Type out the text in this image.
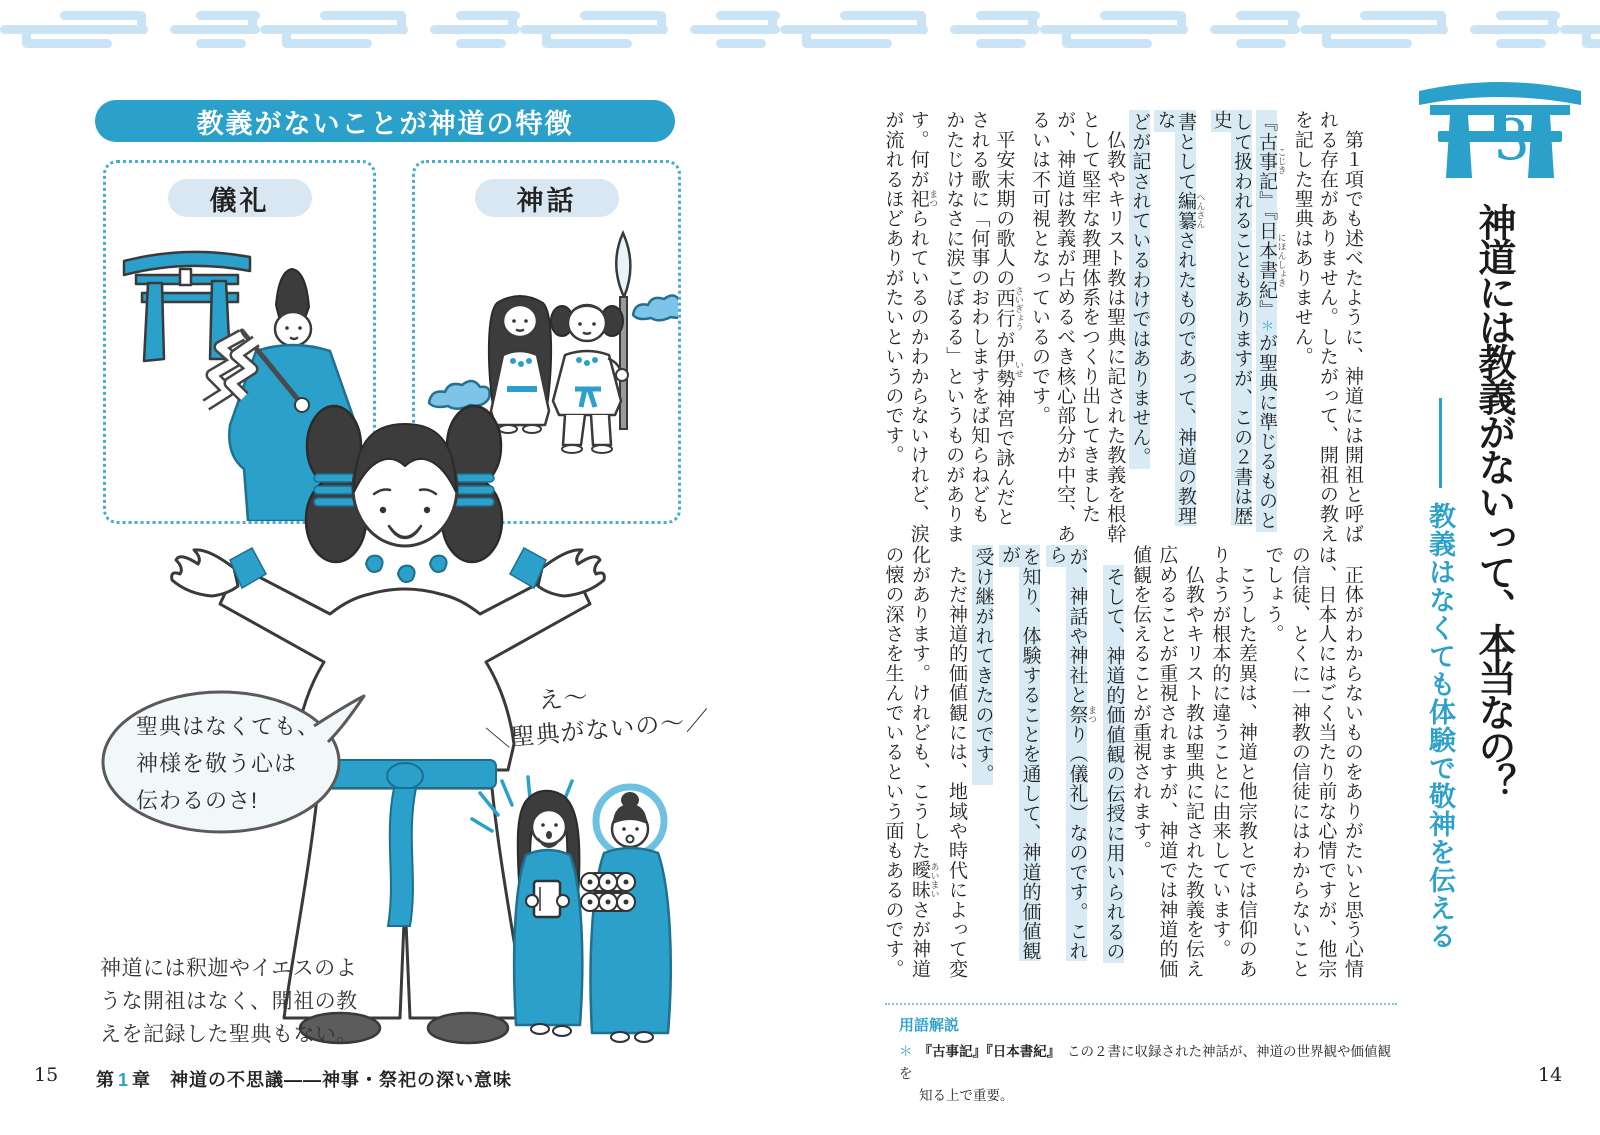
教義がないことが神道の特徴
儀礼	神話
聖典はなくても、
神様を敬う心は
伝わるのさ!
え〜
＼聖典がないの〜／
神道には釈迦やイエスのよ
うな開祖はなく、開祖の教
えを記録した聖典もない。
3
神道には教義がないって、本当なの？
教義はなくても体験で敬神を伝える
　第１項でも述べたように、神道には開祖と呼ば
れる存在がありません。したがって、開祖の教え
を記した聖典はありません。
『古事記 こじき』『日本書紀 にほんしょき』＊が聖典に準じるものと
して扱われることもありますが、この２書は歴史
書として編纂 へんさんされたものであって、神道の教理な
どが記されているわけではありません。
　仏教やキリスト教は聖典に記された教義を根幹
として堅牢な教理体系をつくり出してきました
が、神道は教義が占めるべき核心部分が中空、あ
るいは不可視となっているのです。
　平安末期の歌人の西行 さいぎょうが伊勢 いせ神宮で詠んだと
される歌に「何事のおわしますをば知らねども
かたじけなさに涙こぼるる」というものがありま
す。何が祀 まつられているのかわからないけれど、涙
が流れるほどありがたいというのです。
　正体がわからないものをありがたいと思う心情
は、日本人にはごく当たり前な心情ですが、他宗
の信徒、とくに一神教の信徒にはわからないこと
でしょう。
　こうした差異は、神道と他宗教とでは信仰のあ
りようが根本的に違うことに由来しています。
　仏教やキリスト教は聖典に記された教義を伝え
広めることが重視されますが、神道では神道的価
値観を伝えることが重視されます。
　そして、神道的価値観の伝授に用いられるの
が、神話や神社と祭 まつり（儀礼）なのです。これら
を知り、体験することを通して、神道的価値観が
受け継がれてきたのです。
　ただ神道的価値観には、地域や時代によって変
化があります。けれども、こうした曖昧 あいまいさが神道
の懐の深さを生んでいるという面もあるのです。
用語解説
＊ 『古事記』『日本書紀』　この２書に収録された神話が、神道の世界観や価値観を
知る上で重要。
15 第 1 章　神道の不思議――神事・祭祀の深い意味	14
